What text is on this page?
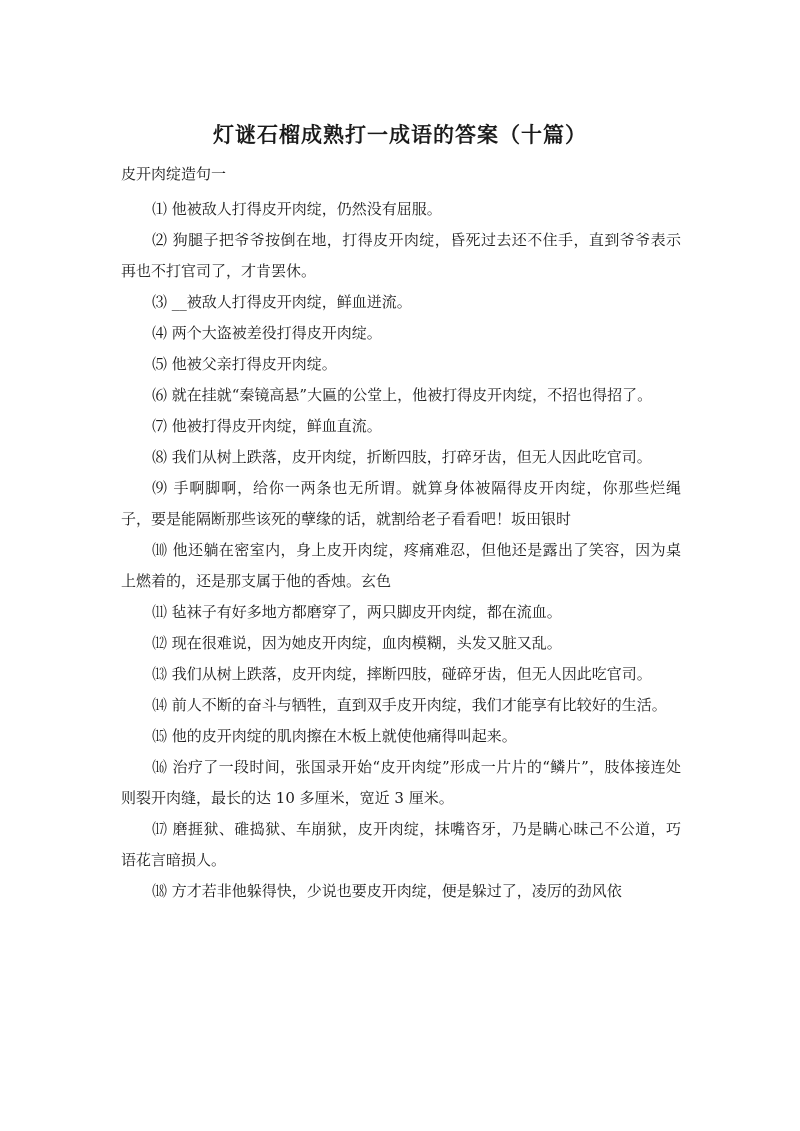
灯谜石榴成熟打一成语的答案（十篇）

皮开肉绽造句一

⑴ 他被敌人打得皮开肉绽，仍然没有屈服。

⑵ 狗腿子把爷爷按倒在地，打得皮开肉绽，昏死过去还不住手，直到爷爷表示再也不打官司了，才肯罢休。

⑶ __被敌人打得皮开肉绽，鲜血迸流。

⑷ 两个大盗被差役打得皮开肉绽。

⑸ 他被父亲打得皮开肉绽。

⑹ 就在挂就“秦镜高悬”大匾的公堂上，他被打得皮开肉绽，不招也得招了。

⑺ 他被打得皮开肉绽，鲜血直流。

⑻ 我们从树上跌落，皮开肉绽，折断四肢，打碎牙齿，但无人因此吃官司。

⑼ 手啊脚啊，给你一两条也无所谓。就算身体被隔得皮开肉绽，你那些烂绳子，要是能隔断那些该死的孽缘的话，就割给老子看看吧！坂田银时

⑽ 他还躺在密室内，身上皮开肉绽，疼痛难忍，但他还是露出了笑容，因为桌上燃着的，还是那支属于他的香烛。玄色

⑾ 毡袜子有好多地方都磨穿了，两只脚皮开肉绽，都在流血。

⑿ 现在很难说，因为她皮开肉绽，血肉模糊，头发又脏又乱。

⒀ 我们从树上跌落，皮开肉绽，摔断四肢，碰碎牙齿，但无人因此吃官司。

⒁ 前人不断的奋斗与牺牲，直到双手皮开肉绽，我们才能享有比较好的生活。

⒂ 他的皮开肉绽的肌肉擦在木板上就使他痛得叫起来。

⒃ 治疗了一段时间，张国录开始“皮开肉绽”形成一片片的“鳞片”，肢体接连处则裂开肉缝，最长的达 10 多厘米，宽近 3 厘米。

⒄ 磨捱狱、碓捣狱、车崩狱，皮开肉绽，抹嘴咨牙，乃是瞒心昧己不公道，巧语花言暗损人。

⒅ 方才若非他躲得快，少说也要皮开肉绽，便是躲过了，凌厉的劲风依
